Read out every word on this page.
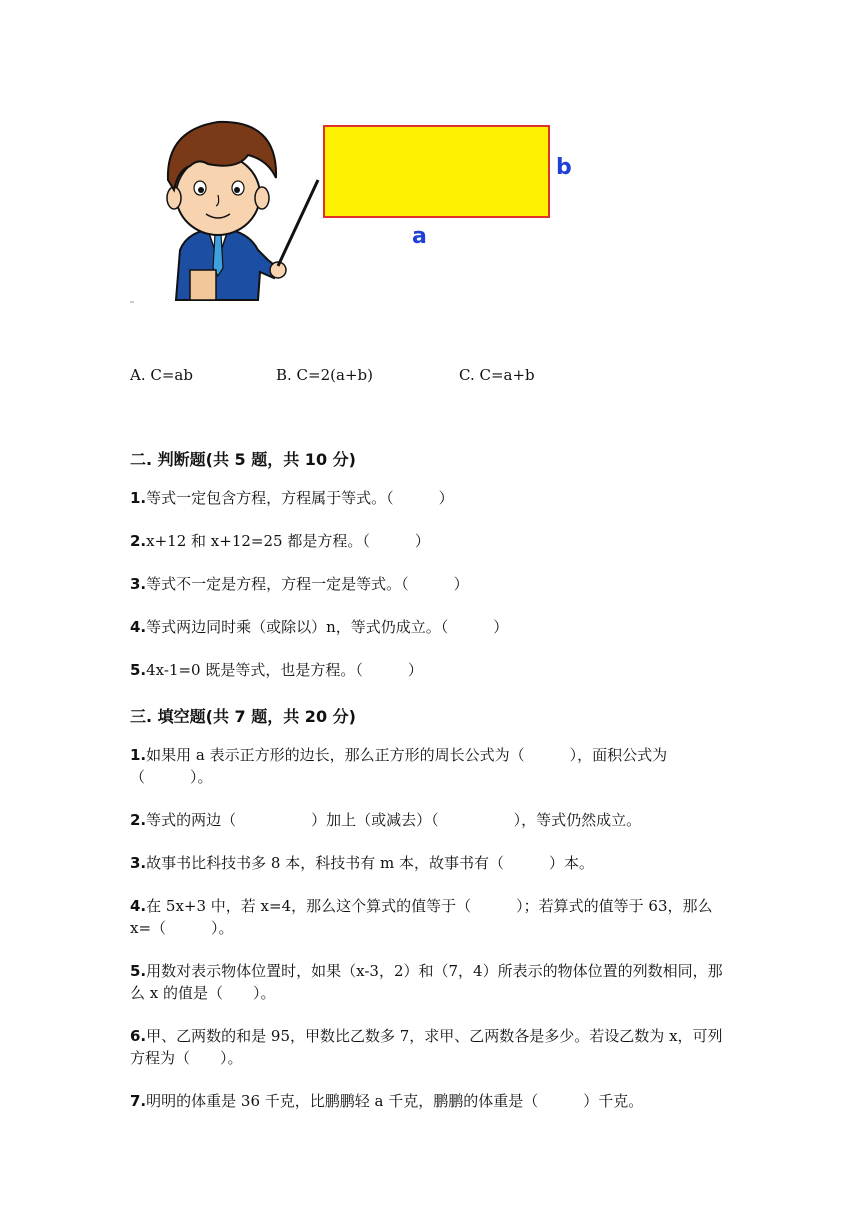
b
a
A. C=ab	B. C=2(a+b)	C. C=a+b
二. 判断题(共 5 题，共 10 分)
1.等式一定包含方程，方程属于等式。（　　　）
2.x+12 和 x+12=25 都是方程。（　　　）
3.等式不一定是方程，方程一定是等式。（　　　）
4.等式两边同时乘（或除以）n，等式仍成立。（　　　）
5.4x-1=0 既是等式，也是方程。（　　　）
三. 填空题(共 7 题，共 20 分)
1.如果用 a 表示正方形的边长，那么正方形的周长公式为（　　　），面积公式为（　　　）。
2.等式的两边（　　　　　）加上（或减去）（　　　　　），等式仍然成立。
3.故事书比科技书多 8 本，科技书有 m 本，故事书有（　　　）本。
4.在 5x+3 中，若 x=4，那么这个算式的值等于（　　　）；若算式的值等于 63，那么 x=（　　　）。
5.用数对表示物体位置时，如果（x-3，2）和（7，4）所表示的物体位置的列数相同，那么 x 的值是（　　）。
6.甲、乙两数的和是 95，甲数比乙数多 7，求甲、乙两数各是多少。若设乙数为 x，可列方程为（　　）。
7.明明的体重是 36 千克，比鹏鹏轻 a 千克，鹏鹏的体重是（　　　）千克。
